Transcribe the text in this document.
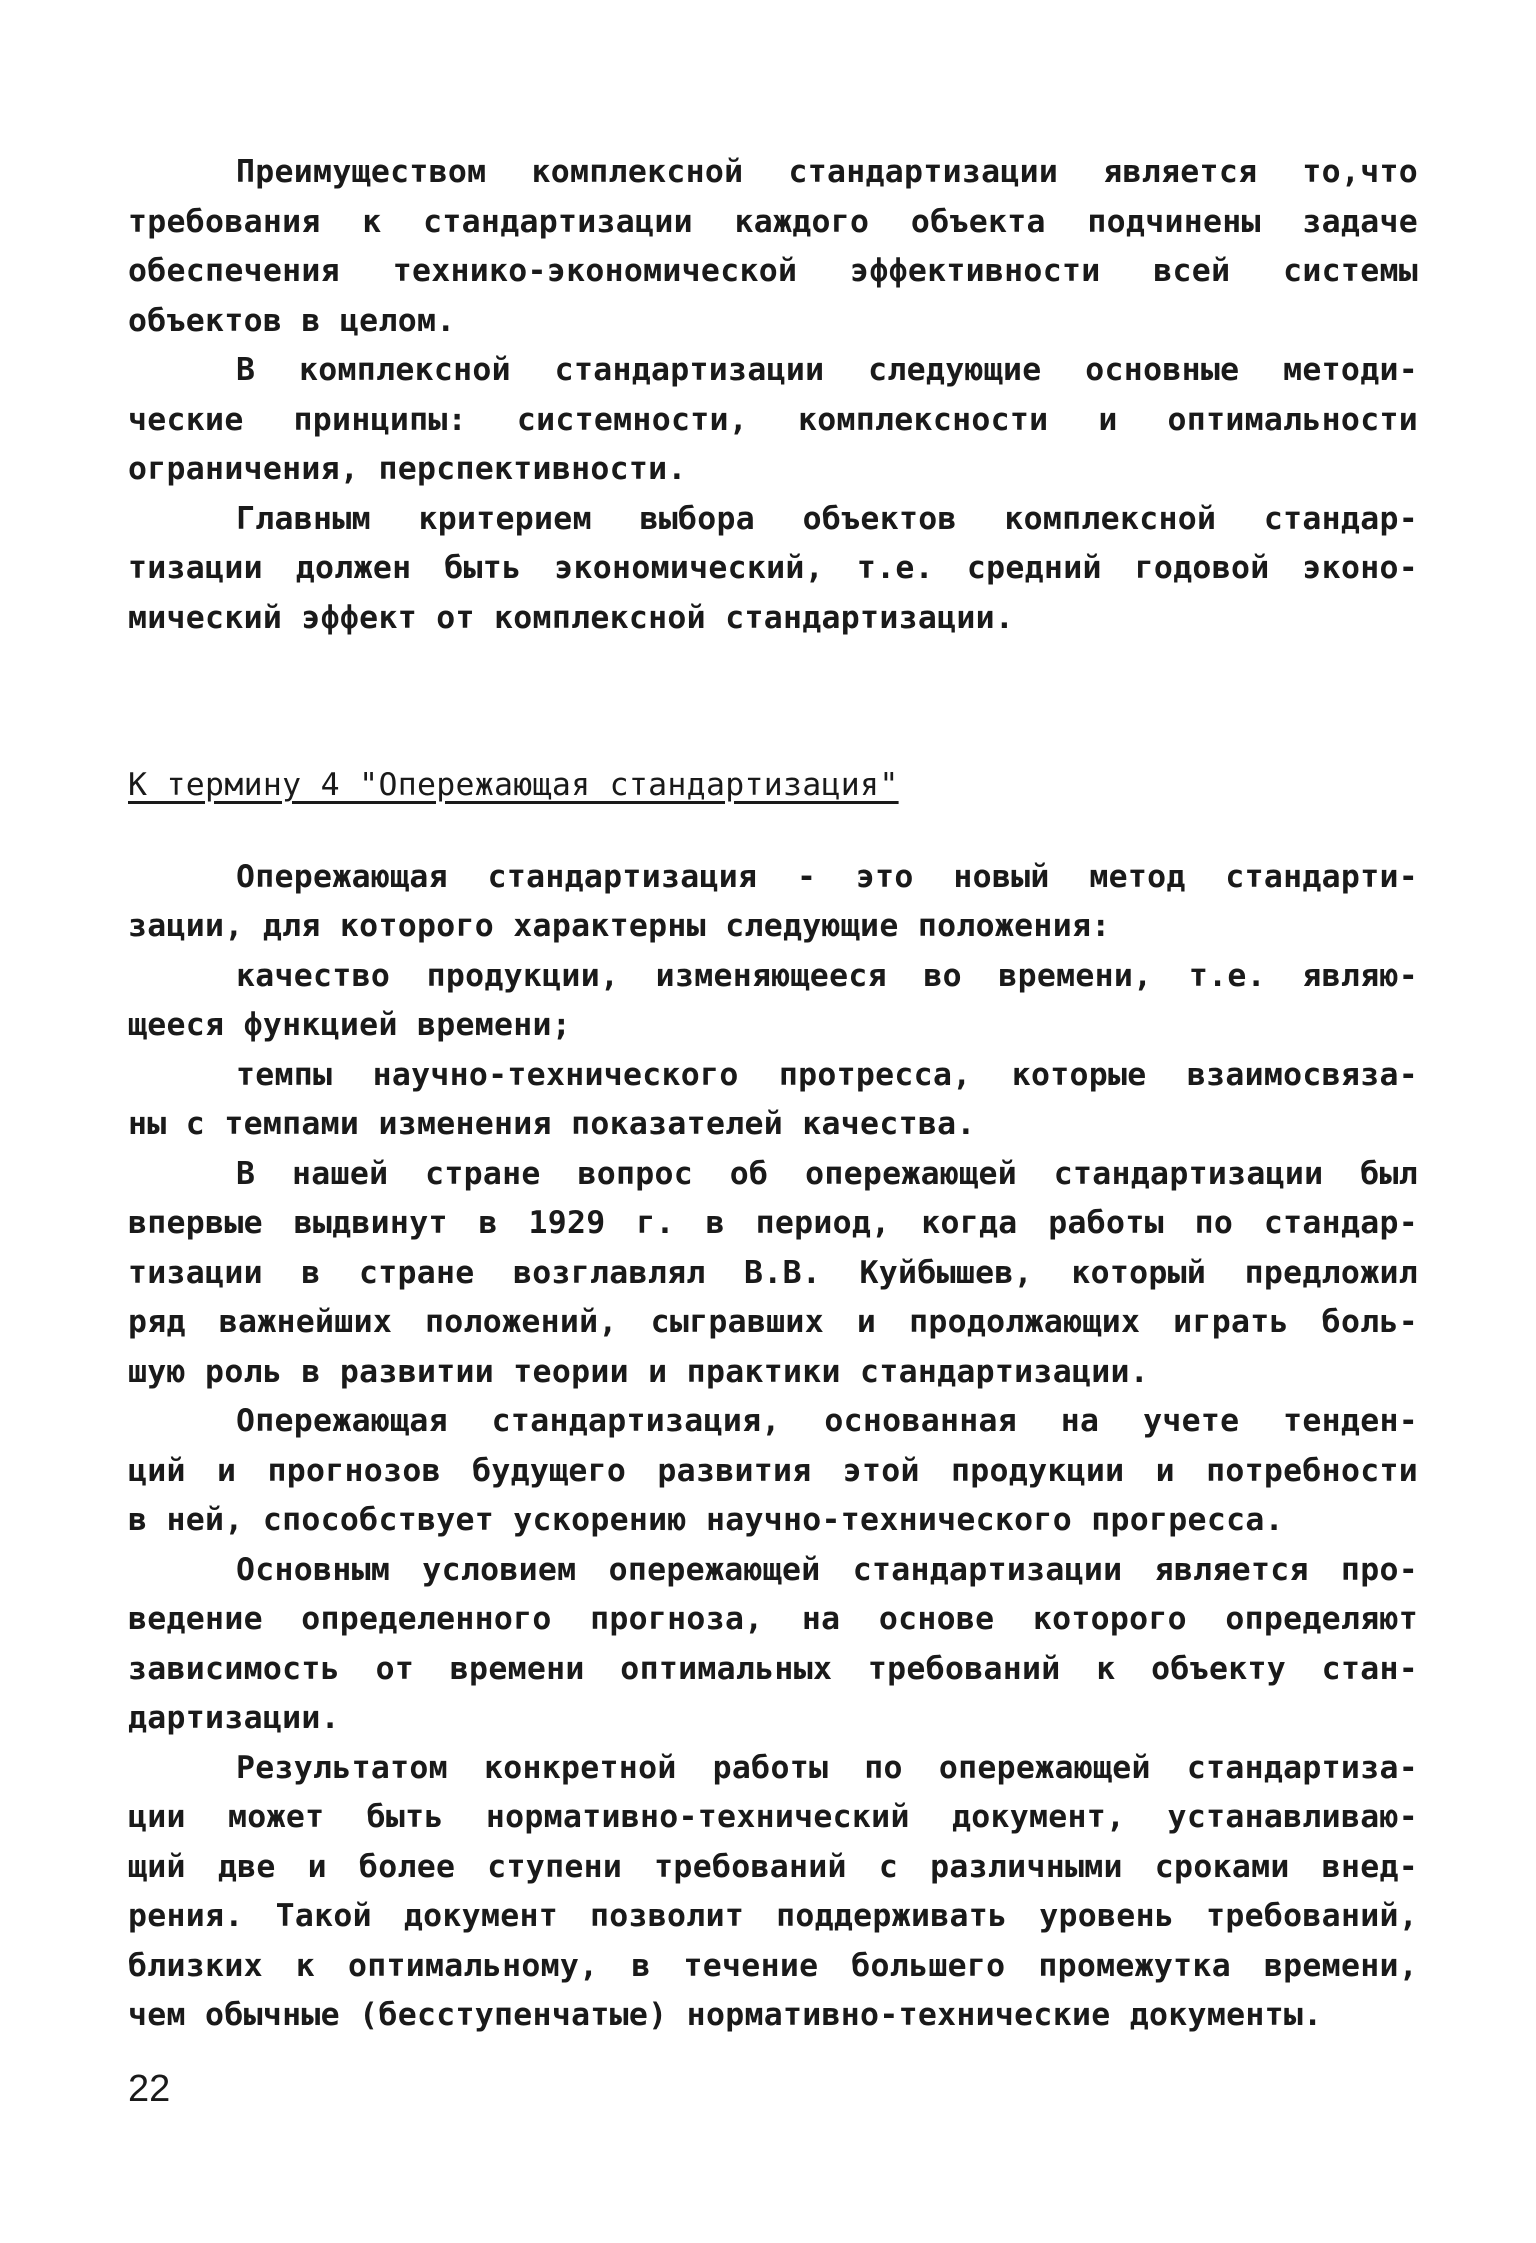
Преимуществом комплексной стандартизации является то,что
требования к стандартизации каждого объекта подчинены задаче
обеспечения технико-экономической эффективности всей системы
объектов в целом.
В комплексной стандартизации следующие основные методи-
ческие принципы: системности, комплексности и оптимальности
ограничения, перспективности.
Главным критерием выбора объектов комплексной стандар-
тизации должен быть экономический, т.е. средний годовой эконо-
мический эффект от комплексной стандартизации.
К термину 4 "Опережающая стандартизация"
Опережающая стандартизация - это новый метод стандарти-
зации, для которого характерны следующие положения:
качество продукции, изменяющееся во времени, т.е. являю-
щееся функцией времени;
темпы научно-технического протресса, которые взаимосвяза-
ны с темпами изменения показателей качества.
В нашей стране вопрос об опережающей стандартизации был
впервые выдвинут в 1929 г. в период, когда работы по стандар-
тизации в стране возглавлял В.В. Куйбышев, который предложил
ряд важнейших положений, сыгравших и продолжающих играть боль-
шую роль в развитии теории и практики стандартизации.
Опережающая стандартизация, основанная на учете тенден-
ций и прогнозов будущего развития этой продукции и потребности
в ней, способствует ускорению научно-технического прогресса.
Основным условием опережающей стандартизации является про-
ведение определенного прогноза, на основе которого определяют
зависимость от времени оптимальных требований к объекту стан-
дартизации.
Результатом конкретной работы по опережающей стандартиза-
ции может быть нормативно-технический документ, устанавливаю-
щий две и более ступени требований с различными сроками внед-
рения. Такой документ позволит поддерживать уровень требований,
близких к оптимальному, в течение большего промежутка времени,
чем обычные (бесступенчатые) нормативно-технические документы.
22
